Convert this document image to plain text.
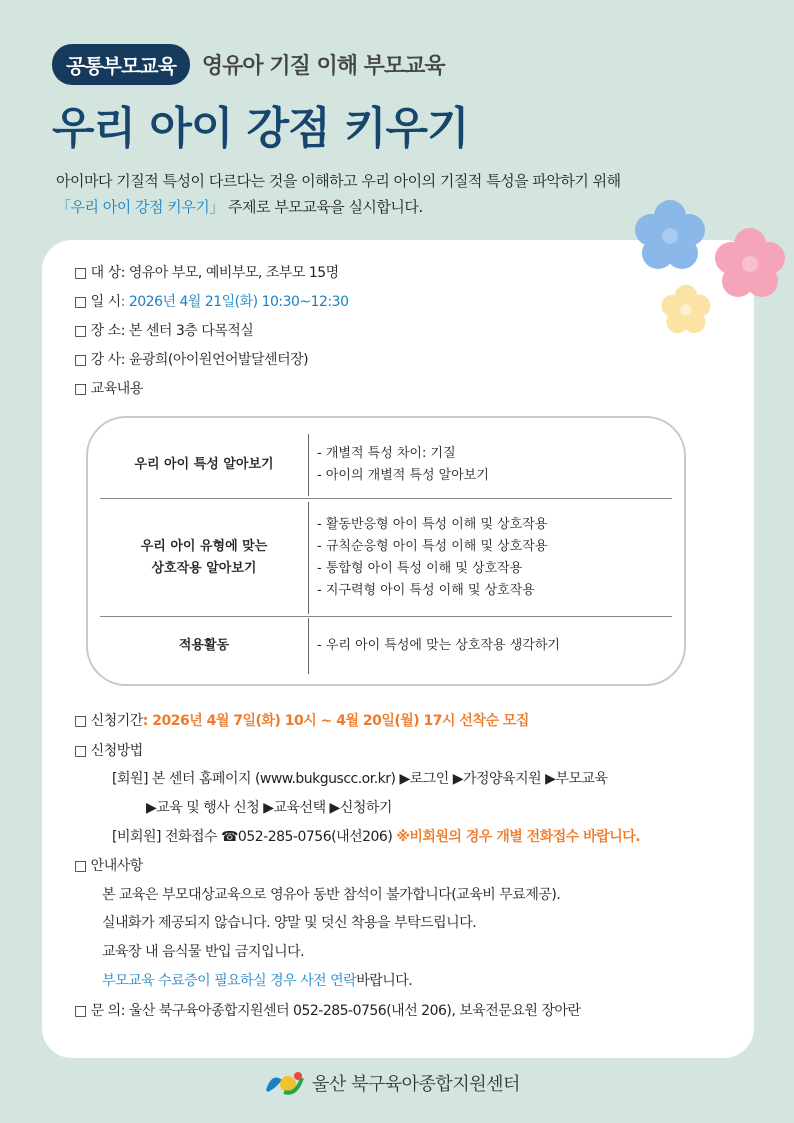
공통부모교육	영유아 기질 이해 부모교육
우리 아이 강점 키우기
아이마다 기질적 특성이 다르다는 것을 이해하고 우리 아이의 기질적 특성을 파악하기 위해
「우리 아이 강점 키우기」 주제로 부모교육을 실시합니다.
□ 대 상: 영유아 부모, 예비부모, 조부모 15명
□ 일 시: 2026년 4월 21일(화) 10:30~12:30
□ 장 소: 본 센터 3층 다목적실
□ 강 사: 윤광희(아이원언어발달센터장)
□ 교육내용
우리 아이 특성 알아보기
- 개별적 특성 차이: 기질
- 아이의 개별적 특성 알아보기
우리 아이 유형에 맞는
상호작용 알아보기
- 활동반응형 아이 특성 이해 및 상호작용
- 규칙순응형 아이 특성 이해 및 상호작용
- 통합형 아이 특성 이해 및 상호작용
- 지구력형 아이 특성 이해 및 상호작용
적용활동	- 우리 아이 특성에 맞는 상호작용 생각하기
□ 신청기간: 2026년 4월 7일(화) 10시 ~ 4월 20일(월) 17시 선착순 모집
□ 신청방법
[회원] 본 센터 홈페이지 (www.bukguscc.or.kr) ▶로그인 ▶가정양육지원 ▶부모교육
▶교육 및 행사 신청 ▶교육선택 ▶신청하기
[비회원] 전화접수 ☎052-285-0756(내선206) ※비회원의 경우 개별 전화접수 바랍니다.
□ 안내사항
본 교육은 부모대상교육으로 영유아 동반 참석이 불가합니다(교육비 무료제공).
실내화가 제공되지 않습니다. 양말 및 덧신 착용을 부탁드립니다.
교육장 내 음식물 반입 금지입니다.
부모교육 수료증이 필요하실 경우 사전 연락바랍니다.
□ 문 의: 울산 북구육아종합지원센터 052-285-0756(내선 206), 보육전문요원 장아란
울산 북구육아종합지원센터
